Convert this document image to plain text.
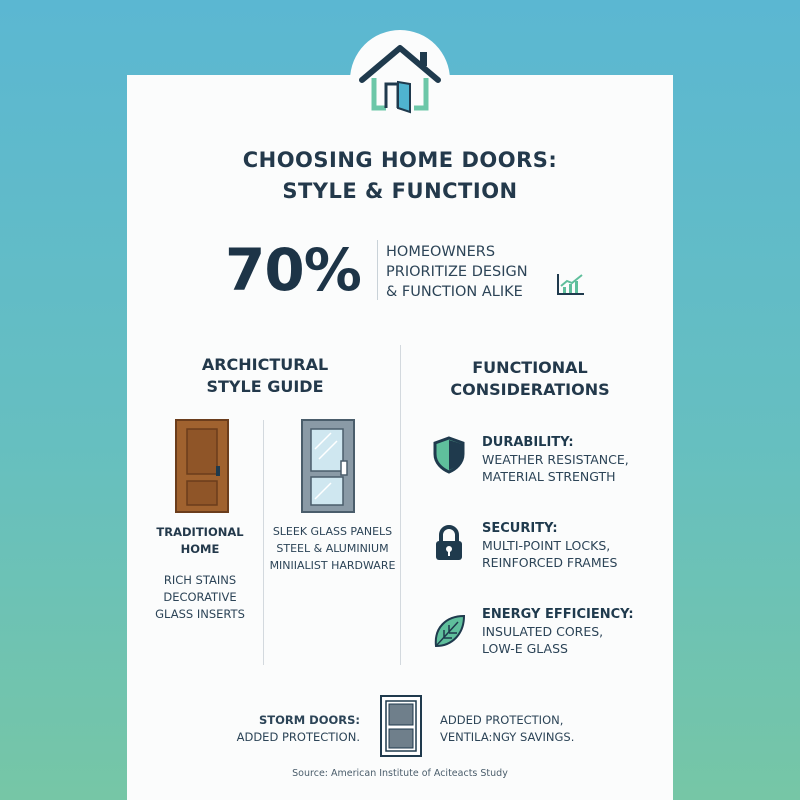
CHOOSING HOME DOORS:
STYLE & FUNCTION
70% HOMEOWNERS
PRIORITIZE DESIGN
& FUNCTION ALIKE
ARCHICTURAL
STYLE GUIDE
FUNCTIONAL
CONSIDERATIONS
TRADITIONAL
HOME
RICH STAINS
DECORATIVE
GLASS INSERTS
SLEEK GLASS PANELS
STEEL & ALUMINIUM
MINIIALIST HARDWARE
DURABILITY:
WEATHER RESISTANCE,
MATERIAL STRENGTH
SECURITY:
MULTI-POINT LOCKS,
REINFORCED FRAMES
ENERGY EFFICIENCY:
INSULATED CORES,
LOW-E GLASS
STORM DOORS:
ADDED PROTECTION.
ADDED PROTECTION,
VENTILA:NGY SAVINGS.
Source: American Institute of Aciteacts Study
